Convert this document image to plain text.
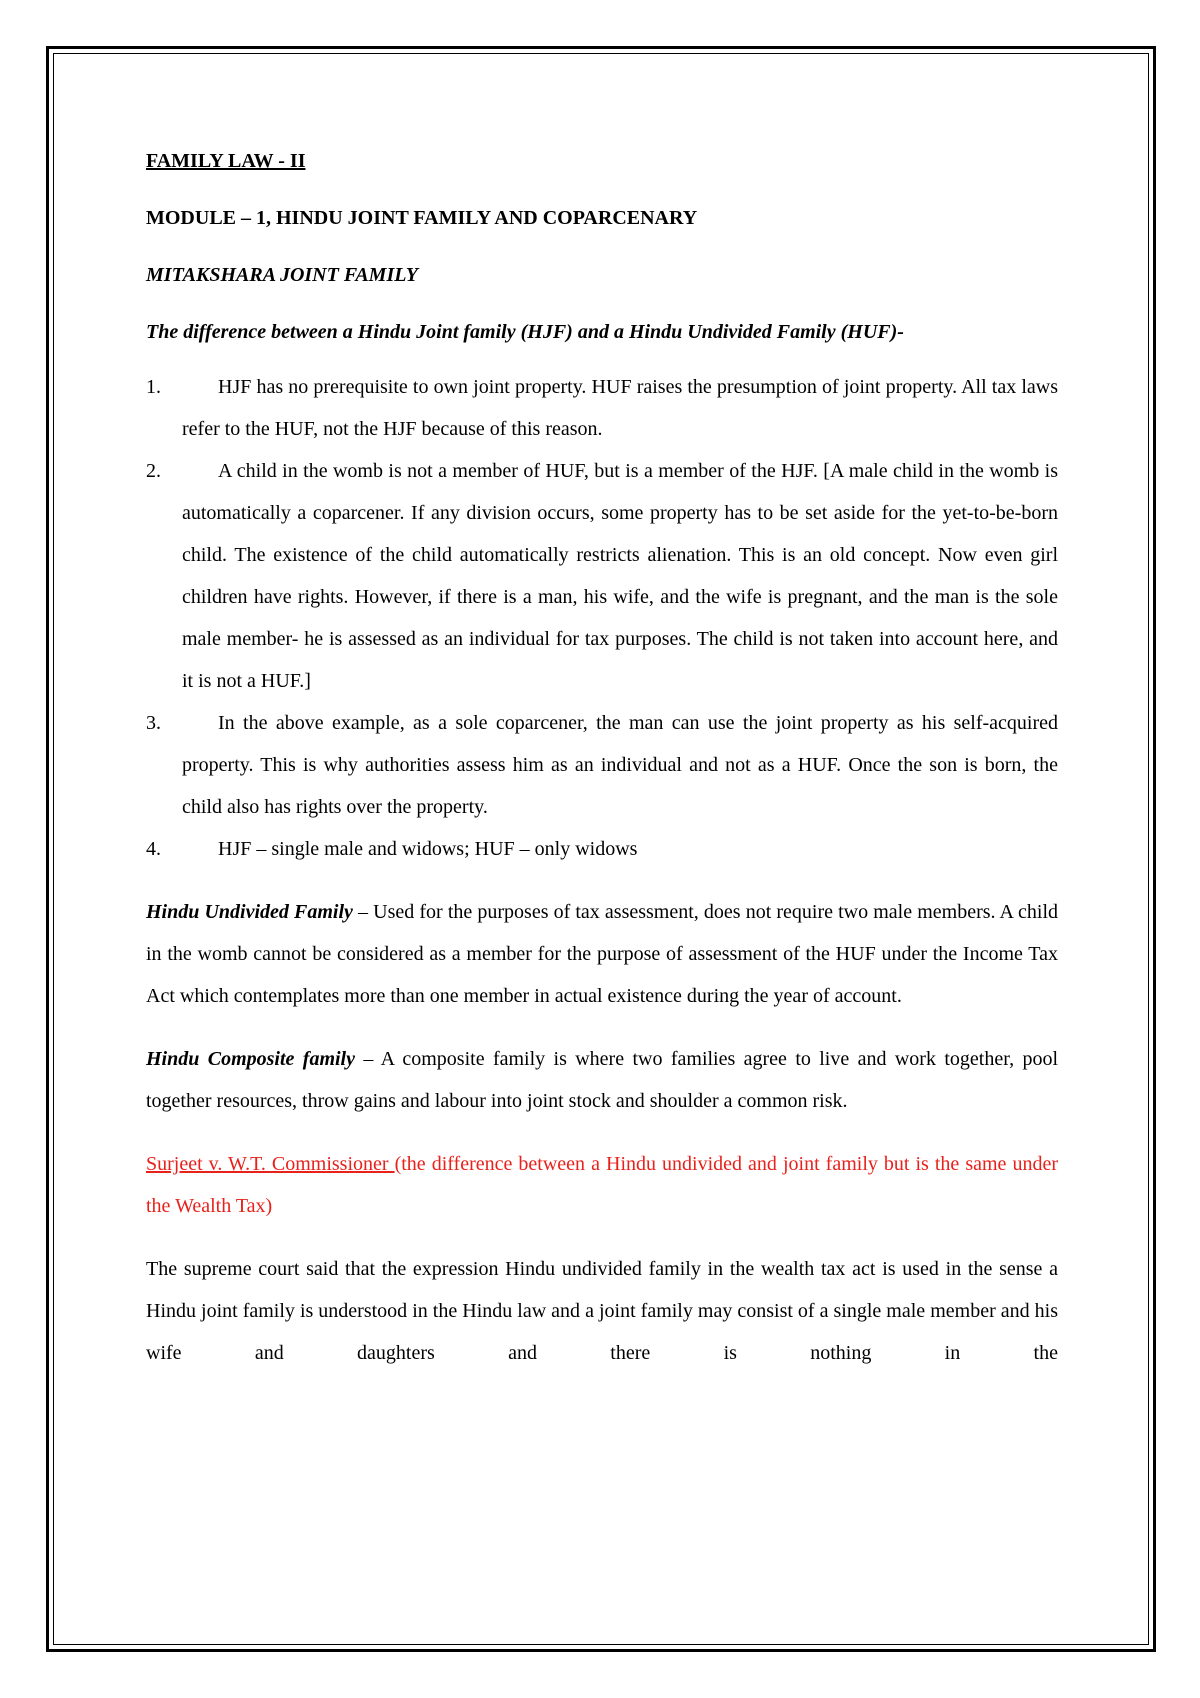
FAMILY LAW - II
MODULE – 1, HINDU JOINT FAMILY AND COPARCENARY
MITAKSHARA JOINT FAMILY

The difference between a Hindu Joint family (HJF) and a Hindu Undivided Family (HUF)-

1.	HJF has no prerequisite to own joint property. HUF raises the presumption of joint property. All tax laws refer to the HUF, not the HJF because of this reason.
2.	A child in the womb is not a member of HUF, but is a member of the HJF. [A male child in the womb is automatically a coparcener. If any division occurs, some property has to be set aside for the yet-to-be-born child. The existence of the child automatically restricts alienation. This is an old concept. Now even girl children have rights. However, if there is a man, his wife, and the wife is pregnant, and the man is the sole male member- he is assessed as an individual for tax purposes. The child is not taken into account here, and it is not a HUF.]
3.	In the above example, as a sole coparcener, the man can use the joint property as his self-acquired property. This is why authorities assess him as an individual and not as a HUF. Once the son is born, the child also has rights over the property.
4.	HJF – single male and widows; HUF – only widows

Hindu Undivided Family – Used for the purposes of tax assessment, does not require two male members. A child in the womb cannot be considered as a member for the purpose of assessment of the HUF under the Income Tax Act which contemplates more than one member in actual existence during the year of account.

Hindu Composite family – A composite family is where two families agree to live and work together, pool together resources, throw gains and labour into joint stock and shoulder a common risk.

Surjeet v. W.T. Commissioner (the difference between a Hindu undivided and joint family but is the same under the Wealth Tax)

The supreme court said that the expression Hindu undivided family in the wealth tax act is used in the sense a Hindu joint family is understood in the Hindu law and a joint family may consist of a single male member and his wife and daughters and there is nothing in the
